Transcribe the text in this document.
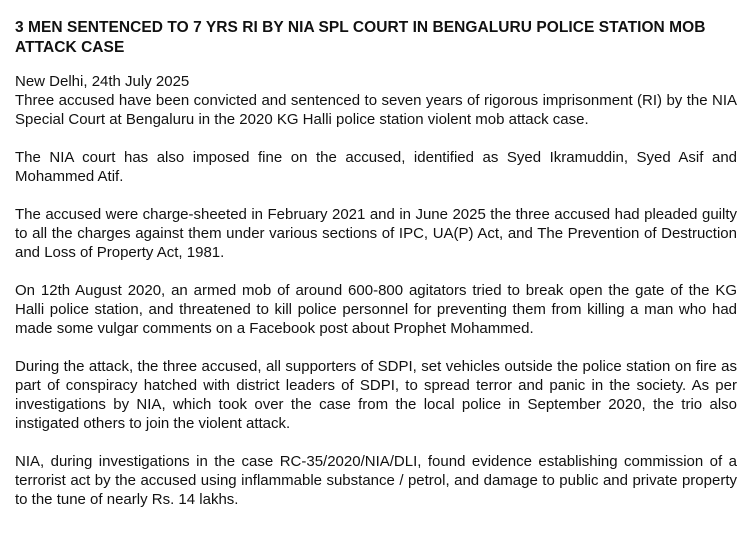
3 MEN SENTENCED TO 7 YRS RI BY NIA SPL COURT IN BENGALURU POLICE STATION MOB ATTACK CASE
New Delhi, 24th July 2025
Three accused have been convicted and sentenced to seven years of rigorous imprisonment (RI) by the NIA Special Court at Bengaluru in the 2020 KG Halli police station violent mob attack case.
The NIA court has also imposed fine on the accused, identified as Syed Ikramuddin, Syed Asif and Mohammed Atif.
The accused were charge-sheeted in February 2021 and in June 2025 the three accused had pleaded guilty to all the charges against them under various sections of IPC, UA(P) Act, and The Prevention of Destruction and Loss of Property Act, 1981.
On 12th August 2020, an armed mob of around 600-800 agitators tried to break open the gate of the KG Halli police station, and threatened to kill police personnel for preventing them from killing a man who had made some vulgar comments on a Facebook post about Prophet Mohammed.
During the attack, the three accused, all supporters of SDPI, set vehicles outside the police station on fire as part of conspiracy hatched with district leaders of SDPI, to spread terror and panic in the society. As per investigations by NIA, which took over the case from the local police in September 2020, the trio also instigated others to join the violent attack.
NIA, during investigations in the case RC-35/2020/NIA/DLI, found evidence establishing commission of a terrorist act by the accused using inflammable substance / petrol, and damage to public and private property to the tune of nearly Rs. 14 lakhs.
